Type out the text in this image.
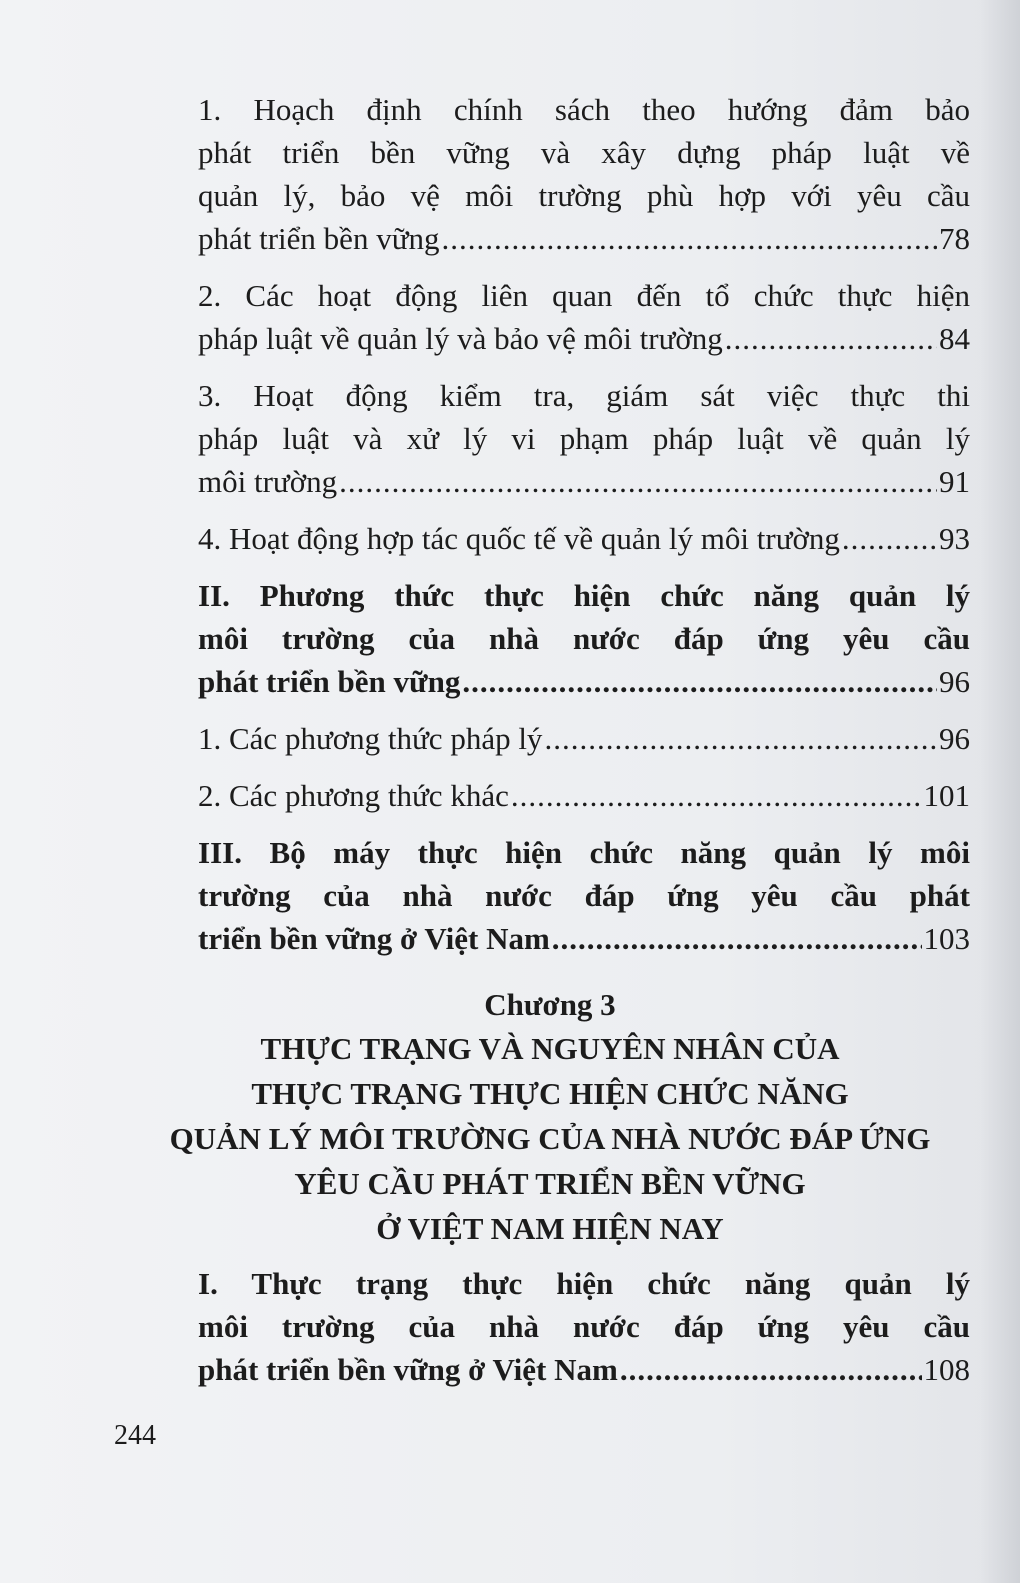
1. Hoạch định chính sách theo hướng đảm bảo
phát triển bền vững và xây dựng pháp luật về
quản lý, bảo vệ môi trường phù hợp với yêu cầu
phát triển bền vững .....	78
2. Các hoạt động liên quan đến tổ chức thực hiện
pháp luật về quản lý và bảo vệ môi trường .....	84
3. Hoạt động kiểm tra, giám sát việc thực thi
pháp luật và xử lý vi phạm pháp luật về quản lý
môi trường .....	91
4. Hoạt động hợp tác quốc tế về quản lý môi trường .....	93
II. Phương thức thực hiện chức năng quản lý
môi trường của nhà nước đáp ứng yêu cầu
phát triển bền vững .....	96
1. Các phương thức pháp lý .....	96
2. Các phương thức khác .....	101
III. Bộ máy thực hiện chức năng quản lý môi
trường của nhà nước đáp ứng yêu cầu phát
triển bền vững ở Việt Nam .....	103
Chương 3
THỰC TRẠNG VÀ NGUYÊN NHÂN CỦA
THỰC TRẠNG THỰC HIỆN CHỨC NĂNG
QUẢN LÝ MÔI TRƯỜNG CỦA NHÀ NƯỚC ĐÁP ỨNG
YÊU CẦU PHÁT TRIỂN BỀN VỮNG
Ở VIỆT NAM HIỆN NAY
I. Thực trạng thực hiện chức năng quản lý
môi trường của nhà nước đáp ứng yêu cầu
phát triển bền vững ở Việt Nam .....	108
244
